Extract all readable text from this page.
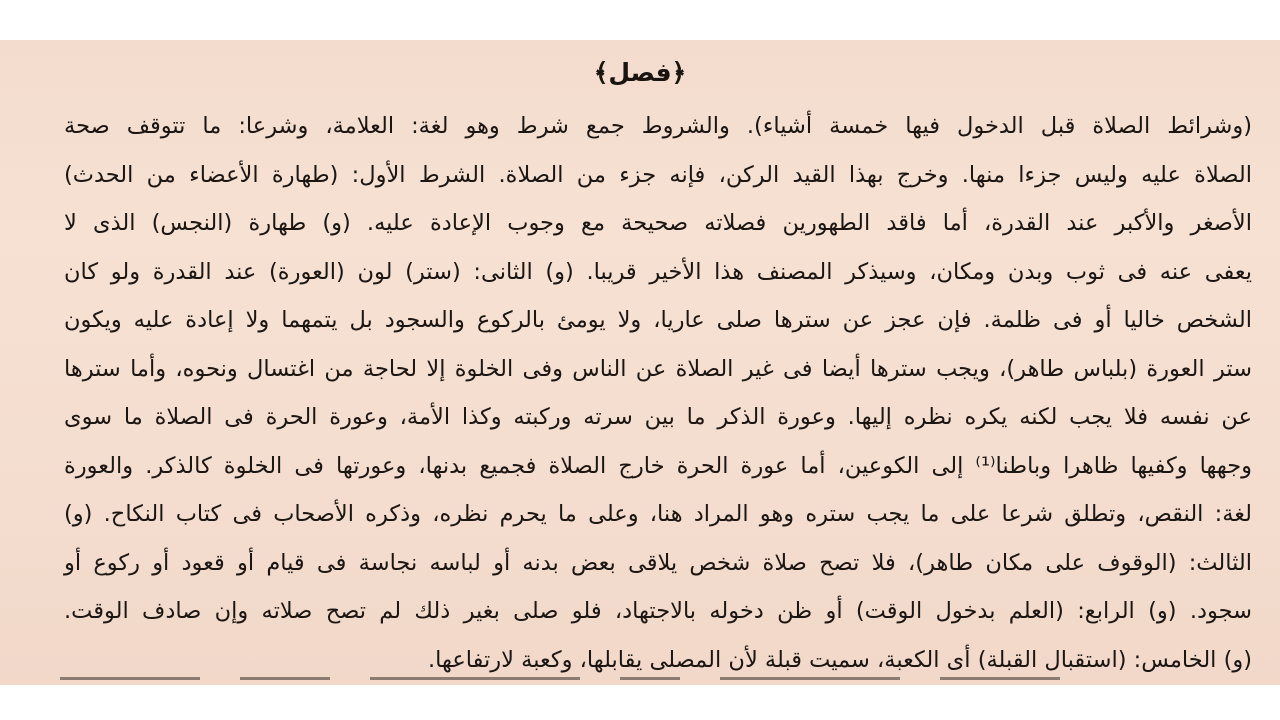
﴿فصل﴾
(وشرائط الصلاة قبل الدخول فيها خمسة أشياء). والشروط جمع شرط وهو لغة: العلامة، وشرعا: ما تتوقف صحة
الصلاة عليه وليس جزءا منها. وخرج بهذا القيد الركن، فإنه جزء من الصلاة. الشرط الأول: (طهارة الأعضاء من الحدث)
الأصغر والأكبر عند القدرة، أما فاقد الطهورين فصلاته صحيحة مع وجوب الإعادة عليه. (و) طهارة (النجس) الذى لا
يعفى عنه فى ثوب وبدن ومكان، وسيذكر المصنف هذا الأخير قريبا. (و) الثانى: (ستر) لون (العورة) عند القدرة ولو كان
الشخص خاليا أو فى ظلمة. فإن عجز عن سترها صلى عاريا، ولا يومئ بالركوع والسجود بل يتمهما ولا إعادة عليه ويكون
ستر العورة (بلباس طاهر)، ويجب سترها أيضا فى غير الصلاة عن الناس وفى الخلوة إلا لحاجة من اغتسال ونحوه، وأما سترها
عن نفسه فلا يجب لكنه يكره نظره إليها. وعورة الذكر ما بين سرته وركبته وكذا الأمة، وعورة الحرة فى الصلاة ما سوى
وجهها وكفيها ظاهرا وباطنا⁽¹⁾ إلى الكوعين، أما عورة الحرة خارج الصلاة فجميع بدنها، وعورتها فى الخلوة كالذكر. والعورة
لغة: النقص، وتطلق شرعا على ما يجب ستره وهو المراد هنا، وعلى ما يحرم نظره، وذكره الأصحاب فى كتاب النكاح. (و)
الثالث: (الوقوف على مكان طاهر)، فلا تصح صلاة شخص يلاقى بعض بدنه أو لباسه نجاسة فى قيام أو قعود أو ركوع أو
سجود. (و) الرابع: (العلم بدخول الوقت) أو ظن دخوله بالاجتهاد، فلو صلى بغير ذلك لم تصح صلاته وإن صادف الوقت.
(و) الخامس: (استقبال القبلة) أى الكعبة، سميت قبلة لأن المصلى يقابلها، وكعبة لارتفاعها.
